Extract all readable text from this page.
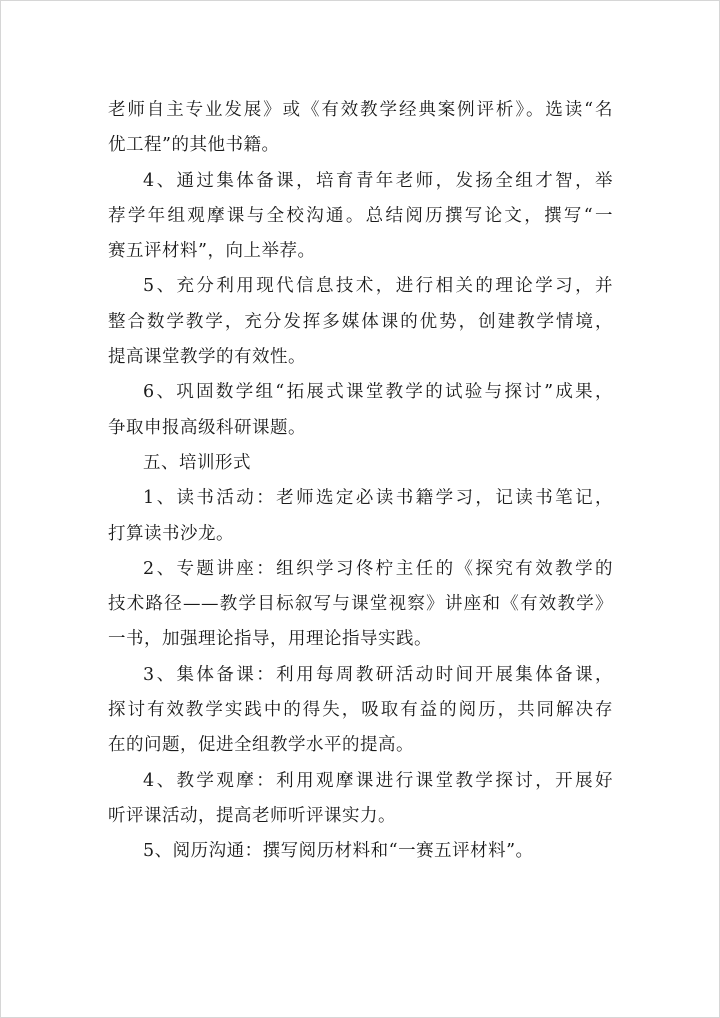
老师自主专业发展》或《有效教学经典案例评析》。选读“名
优工程”的其他书籍。

4、通过集体备课，培育青年老师，发扬全组才智，举
荐学年组观摩课与全校沟通。总结阅历撰写论文，撰写“一
赛五评材料”，向上举荐。

5、充分利用现代信息技术，进行相关的理论学习，并
整合数学教学，充分发挥多媒体课的优势，创建教学情境，
提高课堂教学的有效性。

6、巩固数学组“拓展式课堂教学的试验与探讨”成果，
争取申报高级科研课题。

五、培训形式

1、读书活动：老师选定必读书籍学习，记读书笔记，
打算读书沙龙。

2、专题讲座：组织学习佟柠主任的《探究有效教学的
技术路径——教学目标叙写与课堂视察》讲座和《有效教学》
一书，加强理论指导，用理论指导实践。

3、集体备课：利用每周教研活动时间开展集体备课，
探讨有效教学实践中的得失，吸取有益的阅历，共同解决存
在的问题，促进全组教学水平的提高。

4、教学观摩：利用观摩课进行课堂教学探讨，开展好
听评课活动，提高老师听评课实力。

5、阅历沟通：撰写阅历材料和“一赛五评材料”。
